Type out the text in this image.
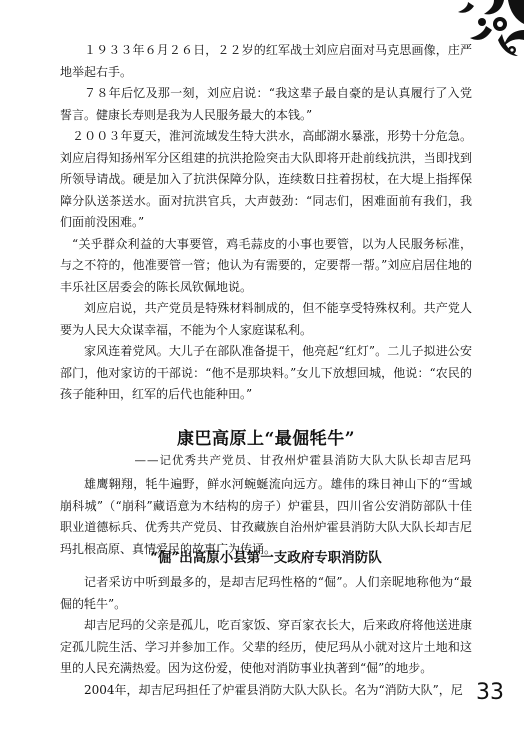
１９３３年６月２６日，２２岁的红军战士刘应启面对马克思画像，庄严地举起右手。

７８年后忆及那一刻，刘应启说：“我这辈子最自豪的是认真履行了入党誓言。健康长寿则是我为人民服务最大的本钱。”

２００３年夏天，淮河流域发生特大洪水，高邮湖水暴涨，形势十分危急。刘应启得知扬州军分区组建的抗洪抢险突击大队即将开赴前线抗洪，当即找到所领导请战。硬是加入了抗洪保障分队，连续数日拄着拐杖，在大堤上指挥保障分队送茶送水。面对抗洪官兵，大声鼓劲：“同志们，困难面前有我们，我们面前没困难。”

“关乎群众利益的大事要管，鸡毛蒜皮的小事也要管，以为人民服务标准，与之不符的，他准要管一管；他认为有需要的，定要帮一帮。”刘应启居住地的丰乐社区居委会的陈长凤钦佩地说。

刘应启说，共产党员是特殊材料制成的，但不能享受特殊权利。共产党人要为人民大众谋幸福，不能为个人家庭谋私利。

家风连着党风。大儿子在部队准备提干，他亮起“红灯”。二儿子拟进公安部门，他对家访的干部说：“他不是那块料。”女儿下放想回城，他说：“农民的孩子能种田，红军的后代也能种田。”

康巴高原上“最倔牦牛”

——记优秀共产党员、甘孜州炉霍县消防大队大队长却吉尼玛

雄鹰翱翔，牦牛遍野，鲜水河蜿蜒流向远方。雄伟的珠日神山下的“雪域崩科城”（“崩科”藏语意为木结构的房子）炉霍县，四川省公安消防部队十佳职业道德标兵、优秀共产党员、甘孜藏族自治州炉霍县消防大队大队长却吉尼玛扎根高原、真情爱民的故事广为传诵。

“倔”出高原小县第一支政府专职消防队

记者采访中听到最多的，是却吉尼玛性格的“倔”。人们亲昵地称他为“最倔的牦牛”。

却吉尼玛的父亲是孤儿，吃百家饭、穿百家衣长大，后来政府将他送进康定孤儿院生活、学习并参加工作。父辈的经历，使尼玛从小就对这片土地和这里的人民充满热爱。因为这份爱，使他对消防事业执著到“倔”的地步。

2004年，却吉尼玛担任了炉霍县消防大队大队长。名为“消防大队”，尼 33
